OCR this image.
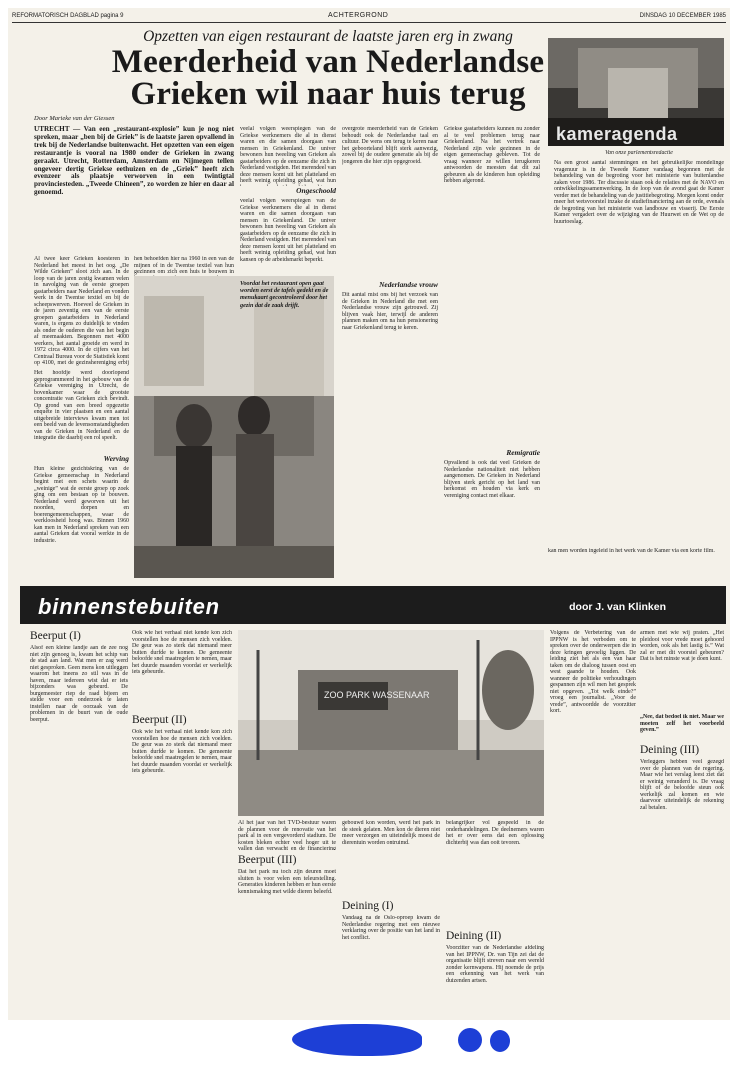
REFORMATORISCH DAGBLAD pagina 9	ACHTERGROND	DINSDAG 10 DECEMBER 1985
Opzetten van eigen restaurant de laatste jaren erg in zwang
Meerderheid van Nederlandse
Grieken wil naar huis terug
Door Marieke van der Giessen
UTRECHT — Van een „restaurant-explosie” kun je nog niet spreken, maar „ben bij de Griek” is de laatste jaren opvallend in trek bij de Nederlandse buitenwacht. Het opzetten van een eigen restaurantje is vooral na 1980 onder de Grieken in zwang geraakt. Utrecht, Rotterdam, Amsterdam en Nijmegen tellen ongeveer dertig Griekse eethuizen en de „Griek” heeft zich evenzeer als plaatsje verworven in een twintigtal provinciesteden. „Tweede Chineen”, zo worden ze hier en daar al genoemd.
Al twee keer Grieken koesteren in Nederland het meest in het oog. „De Wilde Grieken” sloot zich aan. In de loop van de jaren zestig kwamen velen in navolging van de eerste groepen gastarbeiders naar Nederland en vonden werk in de Twentse textiel en bij de scheepswerven. Hoeveel de Grieken in de jaren zeventig een van de eerste groepen gastarbeiders in Nederland waren, is ergens zo duidelijk te vinden als onder de ouderen die van het begin af meemaakten. Begonnen met 4000 werkers, het aantal groeide en werd in 1972 circa 4000. In de cijfers van het Centraal Bureau voor de Statistiek komt op 4100, met de gezinshereniging erbij
Het hoofdje werd doorlopend geprogrammeerd in het gebouw van de Griekse vereniging in Utrecht, de bovenkamer waar de grootste concentratie van Grieken zich bevindt. Op grond van een breed opgezette enquête in vier plaatsen en een aantal uitgebreide interviews kwam men tot een beeld van de levensomstandigheden van de Grieken in Nederland en de integratie die daarbij een rol speelt.
Werving
Hun kleine gezichtskring van de Griekse gemeenschap in Nederland begint met een schets waarin de „weinige” wat de eerste groep op zoek ging om een bestaan op te bouwen. Nederland werd geworven uit het noorden, dorpen en boerengemeenschappen, waar de werkloosheid hoog was. Binnen 1960 kan men in Nederland spreken van een aantal Grieken dat vooral werkte in de industrie.
hen behoefden hier na 1960 in een van de mijnen of in de Twentse textiel van hun gezinnen om zich een huis te bouwen in
veelal volgen weerspiegen van de Griekse werknemers die al in dienst waren en die samen doorgaan van mensen in Griekenland. De univer bewoners hun tweeling van Grieken als gastarbeiders op de eenzame die zich in Nederland vestigden. Het merendeel van deze mensen komt uit het platteland en heeft weinig opleiding gehad, wat hun
Ongeschoold
veelal volgen weerspiegen van de Griekse werknemers die al in dienst waren en die samen doorgaan van mensen in Griekenland. De univer bewoners hun tweeling van Grieken als gastarbeiders op de eenzame die zich in Nederland vestigden. Het merendeel van deze mensen komt uit het platteland en heeft weinig opleiding gehad, wat hun kansen op de arbeidsmarkt beperkt.
Voordat het restaurant open gaat worden eerst de tafels gedekt en de menukaart gecontroleerd door het gezin dat de zaak drijft.
overgrote meerderheid van de Grieken behoudt ook de Nederlandse taal en cultuur. De wens om terug te keren naar het geboorteland blijft sterk aanwezig, zowel bij de oudere generatie als bij de jongeren die hier zijn opgegroeid.
Nederlandse vrouw
Dit aantal mist ons bij het verzoek van de Grieken in Nederland die met een Nederlandse vrouw zijn getrouwd. Zij blijven vaak hier, terwijl de anderen plannen maken om na hun pensionering naar Griekenland terug te keren.
Griekse gastarbeiders kunnen nu zonder al te veel problemen terug naar Griekenland. Na het vertrek naar Nederland zijn vele gezinnen in de eigen gemeenschap gebleven. Tot de vraag wanneer ze willen terugkeren antwoorden de meesten dat dit zal gebeuren als de kinderen hun opleiding hebben afgerond.
Remigratie
Opvallend is ook dat veel Grieken de Nederlandse nationaliteit niet hebben aangenomen. De Grieken in Nederland blijven sterk gericht op het land van herkomst en houden via kerk en vereniging contact met elkaar.
kameragenda
Van onze parlementsredactie
Na een groot aantal stemmingen en het gebruikelijke mondelinge vragenuur is in de Tweede Kamer vandaag begonnen met de behandeling van de begroting voor het ministerie van buitenlandse zaken voor 1986. Ter discussie staan ook de relaties met de NAVO en ontwikkelingssamenwerking. In de loop van de avond gaat de Kamer verder met de behandeling van de justitiebegroting. Morgen komt onder meer het wetsvoorstel inzake de studiefinanciering aan de orde, evenals de begroting van het ministerie van landbouw en visserij. De Eerste Kamer vergadert over de wijziging van de Huurwet en de Wet op de huurtoeslag.
kan men worden ingeleid in het werk van de Kamer via een korte film.
binnenstebuiten	door J. van Klinken
Beerput (I)
Alsof een kleine landje aan de zee nog niet zijn genoeg is, kwam het schip van de stad aan land. Wat men er zag werd niet gesproken. Geen mens kon uitleggen waarom het ineens zo stil was in de haven, maar iedereen wist dat er iets bijzonders was gebeurd. De burgemeester riep de raad bijeen en stelde voor een onderzoek te laten instellen naar de oorzaak van de problemen in de buurt van de oude beerput.
Ook wie het verhaal niet kende kon zich voorstellen hoe de mensen zich voelden. De geur was zo sterk dat niemand meer buiten durfde te komen. De gemeente beloofde snel maatregelen te nemen, maar het duurde maanden voordat er werkelijk iets gebeurde.
Beerput (II)
Ook wie het verhaal niet kende kon zich voorstellen hoe de mensen zich voelden. De geur was zo sterk dat niemand meer buiten durfde te komen. De gemeente beloofde snel maatregelen te nemen, maar het duurde maanden voordat er werkelijk iets gebeurde.
ZOO PARK WASSENAAR
Al het jaar van het TVD-bestuur waren de plannen voor de renovatie van het park al in een vergevorderd stadium. De kosten bleken echter veel hoger uit te vallen dan verwacht en de financiering
Beerput (III)
Dat het park nu toch zijn deuren moet sluiten is voor velen een teleurstelling. Generaties kinderen hebben er hun eerste kennismaking met wilde dieren beleefd.
gebouwd kon worden, werd het park in de steek gelaten. Men kon de dieren niet meer verzorgen en uiteindelijk moest de dierentuin worden ontruimd.
Deining (I)
Vandaag na de Oslo-oproep kwam de Nederlandse regering met een nieuwe verklaring over de positie van het land in het conflict.
belangrijker vol gespeeld in de onderhandelingen. De deelnemers waren het er over eens dat een oplossing dichterbij was dan ooit tevoren.
Deining (II)
Voorzitter van de Nederlandse afdeling van het IPPNW, Dr. van Tijn zei dat de organisatie blijft streven naar een wereld zonder kernwapens. Hij noemde de prijs een erkenning van het werk van duizenden artsen.
Volgens de Verbetering van de IPPNW is het verboden om te spreken over de onderwerpen die in deze kringen gevoelig liggen. De leiding ziet het als een van haar taken om de dialoog tussen oost en west gaande te houden. Ook wanneer de politieke verhoudingen gespannen zijn wil men het gesprek niet opgeven. „Tot welk einde?” vroeg een journalist. „Voor de vrede”, antwoordde de voorzitter kort.
armen met wie wij praten. „Het pleidooi voor vrede moet gehoord worden, ook als het lastig is.” Wat zal er met dit voorstel gebeuren? Dat is het minste wat je doen kunt.
„Nee, dat bedoel ik niet. Maar we moeten zelf het voorbeeld geven.”
Deining (III)
Verleggers hebben veel gezegd over de plannen van de regering. Maar wie het verslag leest ziet dat er weinig veranderd is. De vraag blijft of de beloofde steun ook werkelijk zal komen en wie daarvoor uiteindelijk de rekening zal betalen.
